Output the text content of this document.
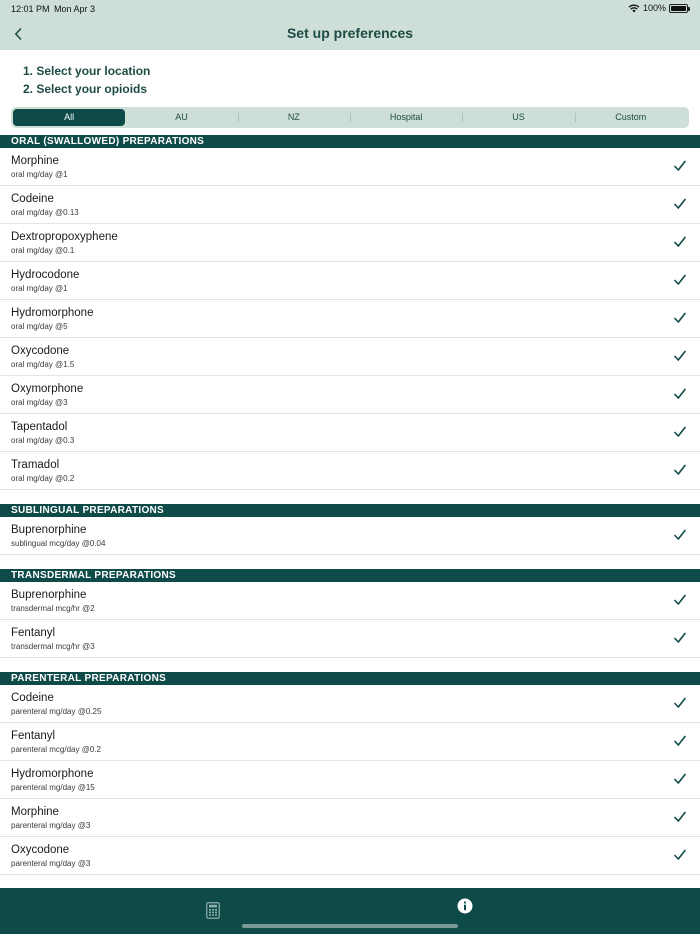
12:01 PM Mon Apr 3	100%
Set up preferences
1. Select your location
2. Select your opioids
All	AU	NZ	Hospital	US	Custom
ORAL (SWALLOWED) PREPARATIONS
Morphine
oral mg/day @1
Codeine
oral mg/day @0.13
Dextropropoxyphene
oral mg/day @0.1
Hydrocodone
oral mg/day @1
Hydromorphone
oral mg/day @5
Oxycodone
oral mg/day @1.5
Oxymorphone
oral mg/day @3
Tapentadol
oral mg/day @0.3
Tramadol
oral mg/day @0.2
SUBLINGUAL PREPARATIONS
Buprenorphine
sublingual mcg/day @0.04
TRANSDERMAL PREPARATIONS
Buprenorphine
transdermal mcg/hr @2
Fentanyl
transdermal mcg/hr @3
PARENTERAL PREPARATIONS
Codeine
parenteral mg/day @0.25
Fentanyl
parenteral mcg/day @0.2
Hydromorphone
parenteral mg/day @15
Morphine
parenteral mg/day @3
Oxycodone
parenteral mg/day @3
